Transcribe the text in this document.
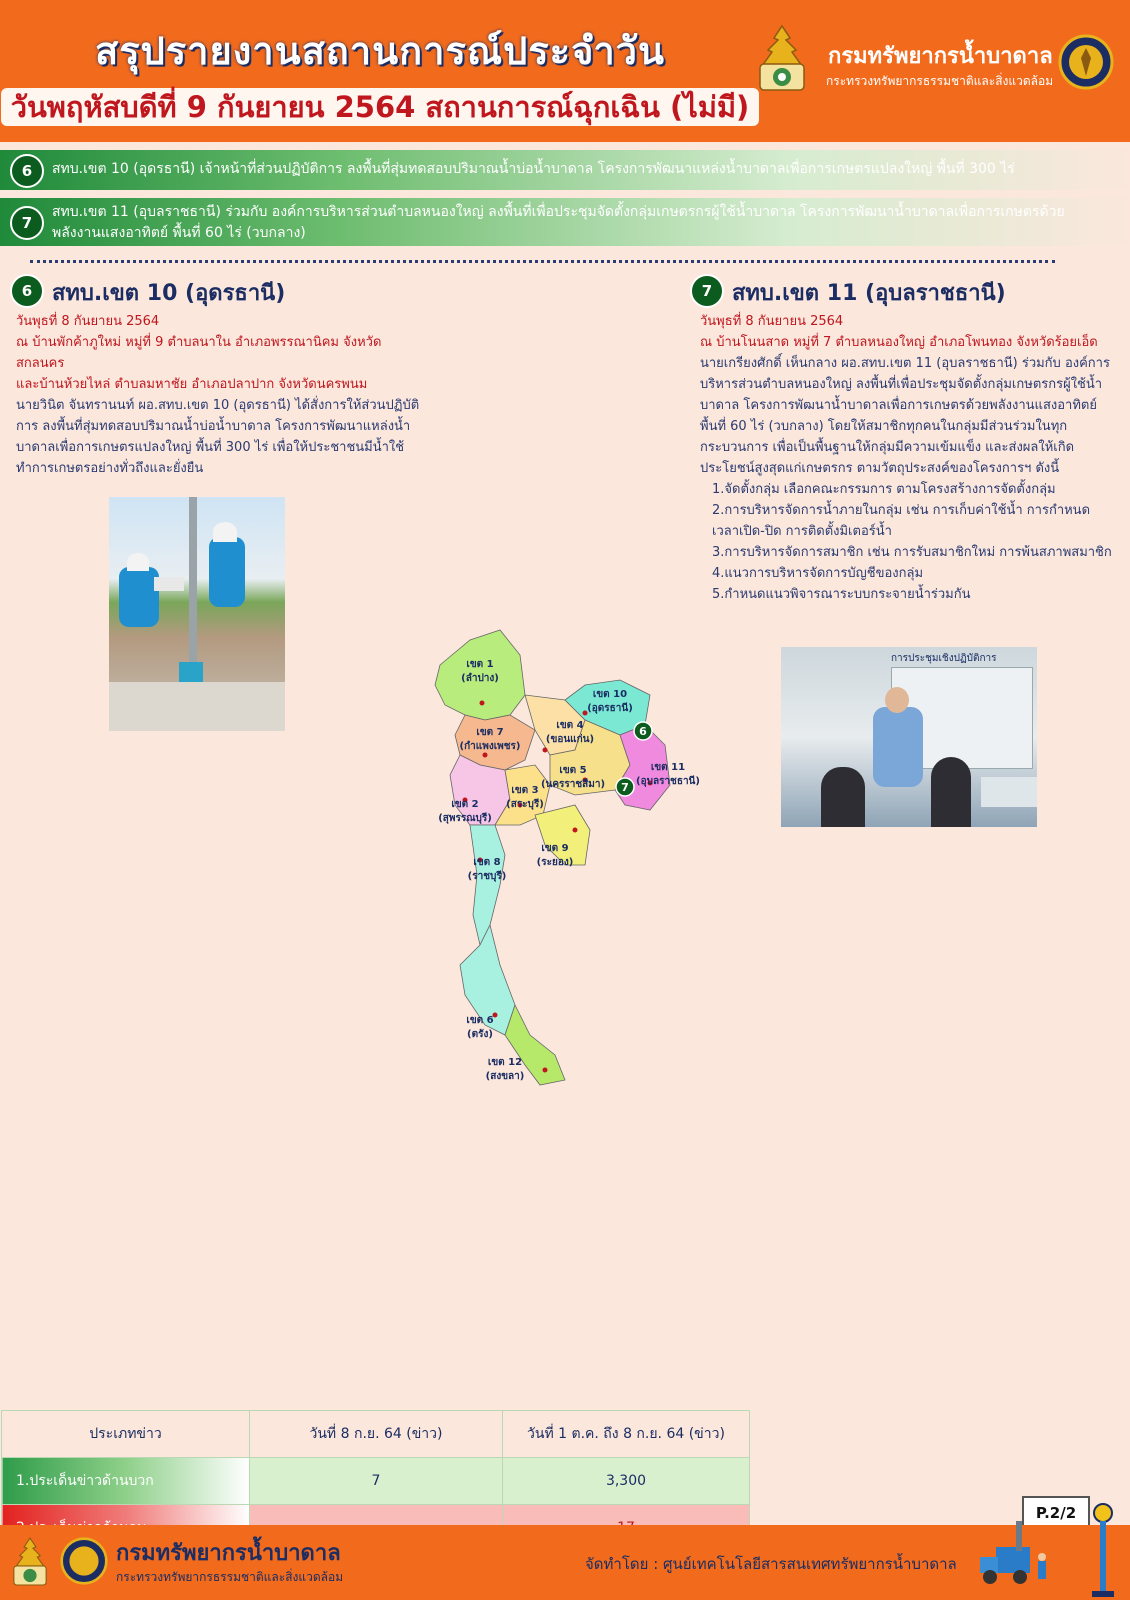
สรุปรายงานสถานการณ์ประจำวัน
วันพฤหัสบดีที่ 9 กันยายน 2564 สถานการณ์ฉุกเฉิน (ไม่มี)
กรมทรัพยากรน้ำบาดาล
กระทรวงทรัพยากรธรรมชาติและสิ่งแวดล้อม
6	สทบ.เขต 10 (อุดรธานี) เจ้าหน้าที่ส่วนปฏิบัติการ ลงพื้นที่สุ่มทดสอบปริมาณน้ำบ่อน้ำบาดาล โครงการพัฒนาแหล่งน้ำบาดาลเพื่อการเกษตรแปลงใหญ่ พื้นที่ 300 ไร่
7
สทบ.เขต 11 (อุบลราชธานี) ร่วมกับ องค์การบริหารส่วนตำบลหนองใหญ่ ลงพื้นที่เพื่อประชุมจัดตั้งกลุ่มเกษตรกรผู้ใช้น้ำบาดาล โครงการพัฒนาน้ำบาดาลเพื่อการเกษตรด้วยพลังงานแสงอาทิตย์ พื้นที่ 60 ไร่ (วบกลาง)
6 สทบ.เขต 10 (อุดรธานี)
วันพุธที่ 8 กันยายน 2564
ณ บ้านพักค้าภูใหม่ หมู่ที่ 9 ตำบลนาใน อำเภอพรรณานิคม จังหวัดสกลนคร
และบ้านห้วยไหล่ ตำบลมหาชัย อำเภอปลาปาก จังหวัดนครพนม
นายวินิต จันทรานนท์ ผอ.สทบ.เขต 10 (อุดรธานี) ได้สั่งการให้ส่วนปฏิบัติการ ลงพื้นที่สุ่มทดสอบปริมาณน้ำบ่อน้ำบาดาล โครงการพัฒนาแหล่งน้ำบาดาลเพื่อการเกษตรแปลงใหญ่ พื้นที่ 300 ไร่ เพื่อให้ประชาชนมีน้ำใช้ทำการเกษตรอย่างทั่วถึงและยั่งยืน
7 สทบ.เขต 11 (อุบลราชธานี)
วันพุธที่ 8 กันยายน 2564
ณ บ้านโนนสาด หมู่ที่ 7 ตำบลหนองใหญ่ อำเภอโพนทอง จังหวัดร้อยเอ็ด
นายเกรียงศักดิ์ เห็นกลาง ผอ.สทบ.เขต 11 (อุบลราชธานี) ร่วมกับ องค์การบริหารส่วนตำบลหนองใหญ่ ลงพื้นที่เพื่อประชุมจัดตั้งกลุ่มเกษตรกรผู้ใช้น้ำบาดาล โครงการพัฒนาน้ำบาดาลเพื่อการเกษตรด้วยพลังงานแสงอาทิตย์ พื้นที่ 60 ไร่ (วบกลาง) โดยให้สมาชิกทุกคนในกลุ่มมีส่วนร่วมในทุกกระบวนการ เพื่อเป็นพื้นฐานให้กลุ่มมีความเข้มแข็ง และส่งผลให้เกิดประโยชน์สูงสุดแก่เกษตรกร ตามวัตถุประสงค์ของโครงการฯ ดังนี้
1.จัดตั้งกลุ่ม เลือกคณะกรรมการ ตามโครงสร้างการจัดตั้งกลุ่ม
2.การบริหารจัดการน้ำภายในกลุ่ม เช่น การเก็บค่าใช้น้ำ การกำหนดเวลาเปิด-ปิด การติดตั้งมิเตอร์น้ำ
3.การบริหารจัดการสมาชิก เช่น การรับสมาชิกใหม่ การพ้นสภาพสมาชิก
4.แนวการบริหารจัดการบัญชีของกลุ่ม
5.กำหนดแนวพิจารณาระบบกระจายน้ำร่วมกัน
การประชุมเชิงปฏิบัติการ
เขต 1
(ลำปาง)
เขต 10
(อุดรธานี)
เขต 7
(กำแพงเพชร)
เขต 4
(ขอนแก่น)
เขต 11
(อุบลราชธานี)
เขต 5
(นครราชสีมา)
เขต 3
(สระบุรี)
เขต 2
(สุพรรณบุรี)
เขต 9
(ระยอง)
เขต 8
(ราชบุรี)
เขต 6
(ตรัง)
เขต 12
(สงขลา)
6
7
ประเภทข่าว	วันที่ 8 ก.ย. 64 (ข่าว)	วันที่ 1 ต.ค. ถึง 8 ก.ย. 64 (ข่าว)
1.ประเด็นข่าวด้านบวก	7	3,300

P.2/2
กรมทรัพยากรน้ำบาดาล
กระทรวงทรัพยากรธรรมชาติและสิ่งแวดล้อม
จัดทำโดย : ศูนย์เทคโนโลยีสารสนเทศทรัพยากรน้ำบาดาล
